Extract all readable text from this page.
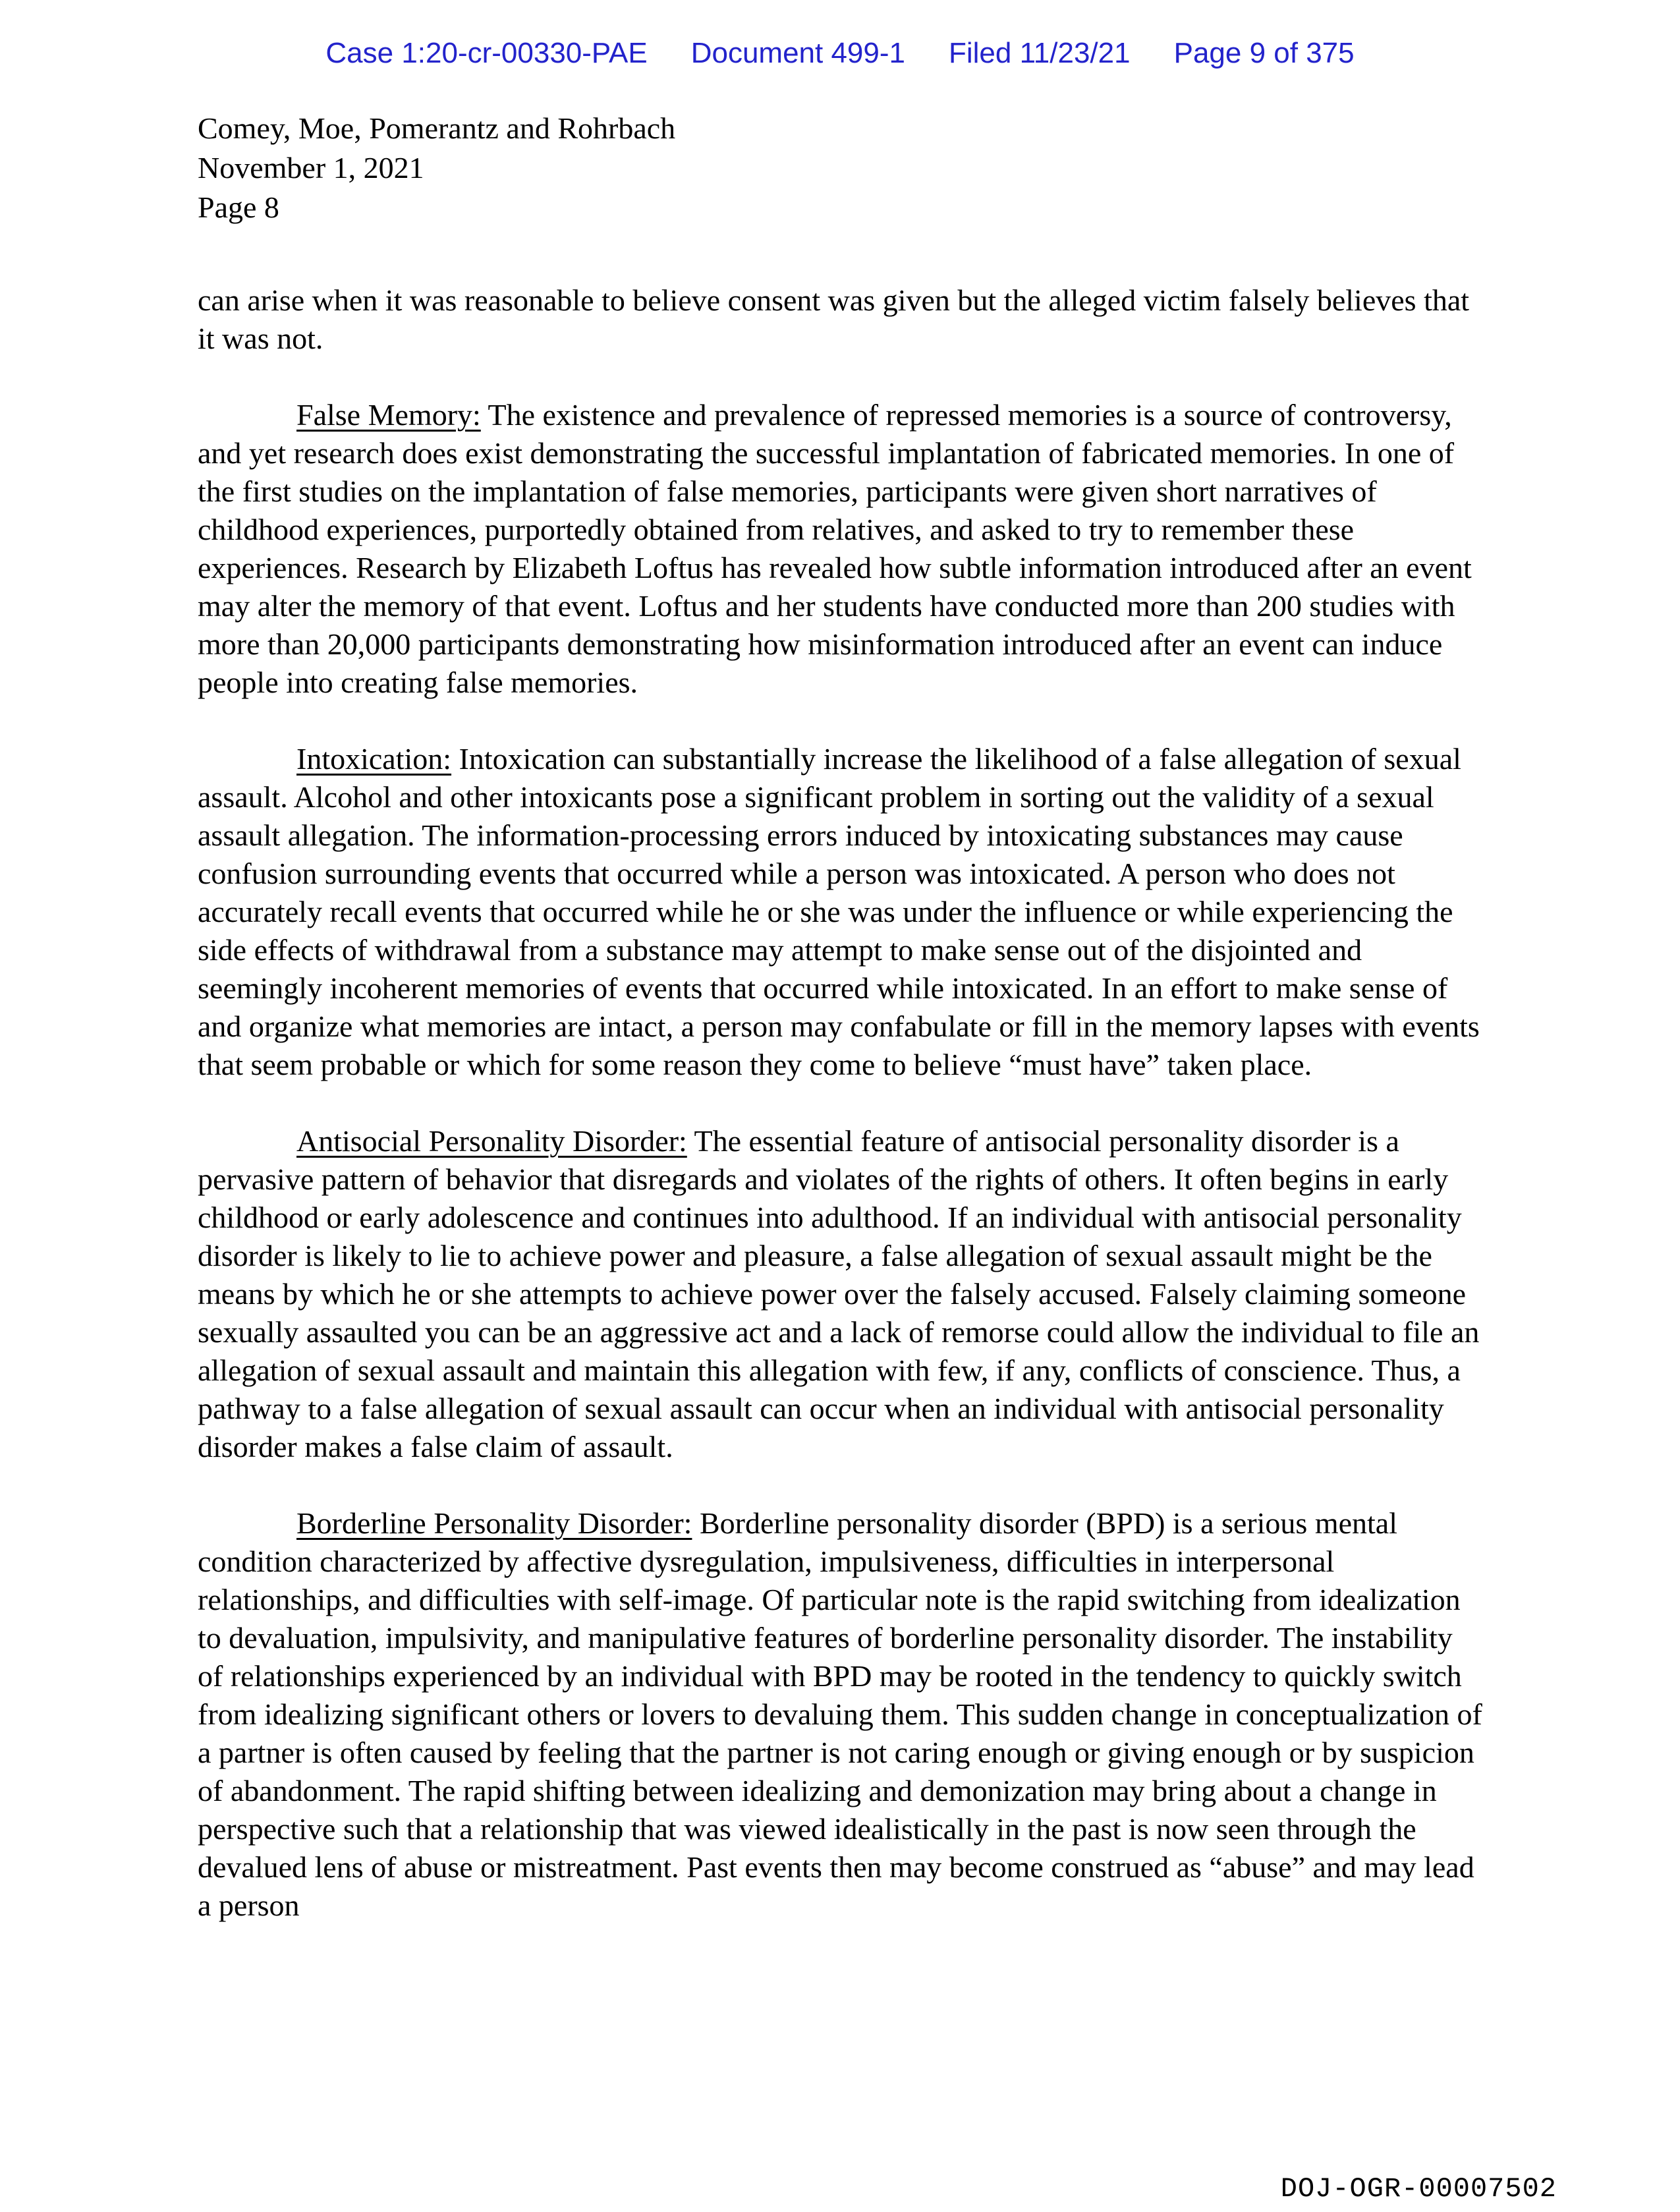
Case 1:20-cr-00330-PAE Document 499-1 Filed 11/23/21 Page 9 of 375
Comey, Moe, Pomerantz and Rohrbach
November 1, 2021
Page 8

can arise when it was reasonable to believe consent was given but the alleged victim falsely believes that it was not.

False Memory: The existence and prevalence of repressed memories is a source of controversy, and yet research does exist demonstrating the successful implantation of fabricated memories. In one of the first studies on the implantation of false memories, participants were given short narratives of childhood experiences, purportedly obtained from relatives, and asked to try to remember these experiences. Research by Elizabeth Loftus has revealed how subtle information introduced after an event may alter the memory of that event. Loftus and her students have conducted more than 200 studies with more than 20,000 participants demonstrating how misinformation introduced after an event can induce people into creating false memories.

Intoxication: Intoxication can substantially increase the likelihood of a false allegation of sexual assault. Alcohol and other intoxicants pose a significant problem in sorting out the validity of a sexual assault allegation. The information-processing errors induced by intoxicating substances may cause confusion surrounding events that occurred while a person was intoxicated. A person who does not accurately recall events that occurred while he or she was under the influence or while experiencing the side effects of withdrawal from a substance may attempt to make sense out of the disjointed and seemingly incoherent memories of events that occurred while intoxicated. In an effort to make sense of and organize what memories are intact, a person may confabulate or fill in the memory lapses with events that seem probable or which for some reason they come to believe “must have” taken place.

Antisocial Personality Disorder: The essential feature of antisocial personality disorder is a pervasive pattern of behavior that disregards and violates of the rights of others. It often begins in early childhood or early adolescence and continues into adulthood. If an individual with antisocial personality disorder is likely to lie to achieve power and pleasure, a false allegation of sexual assault might be the means by which he or she attempts to achieve power over the falsely accused. Falsely claiming someone sexually assaulted you can be an aggressive act and a lack of remorse could allow the individual to file an allegation of sexual assault and maintain this allegation with few, if any, conflicts of conscience. Thus, a pathway to a false allegation of sexual assault can occur when an individual with antisocial personality disorder makes a false claim of assault.

Borderline Personality Disorder: Borderline personality disorder (BPD) is a serious mental condition characterized by affective dysregulation, impulsiveness, difficulties in interpersonal relationships, and difficulties with self-image. Of particular note is the rapid switching from idealization to devaluation, impulsivity, and manipulative features of borderline personality disorder. The instability of relationships experienced by an individual with BPD may be rooted in the tendency to quickly switch from idealizing significant others or lovers to devaluing them. This sudden change in conceptualization of a partner is often caused by feeling that the partner is not caring enough or giving enough or by suspicion of abandonment. The rapid shifting between idealizing and demonization may bring about a change in perspective such that a relationship that was viewed idealistically in the past is now seen through the devalued lens of abuse or mistreatment. Past events then may become construed as “abuse” and may lead a person

DOJ-OGR-00007502
